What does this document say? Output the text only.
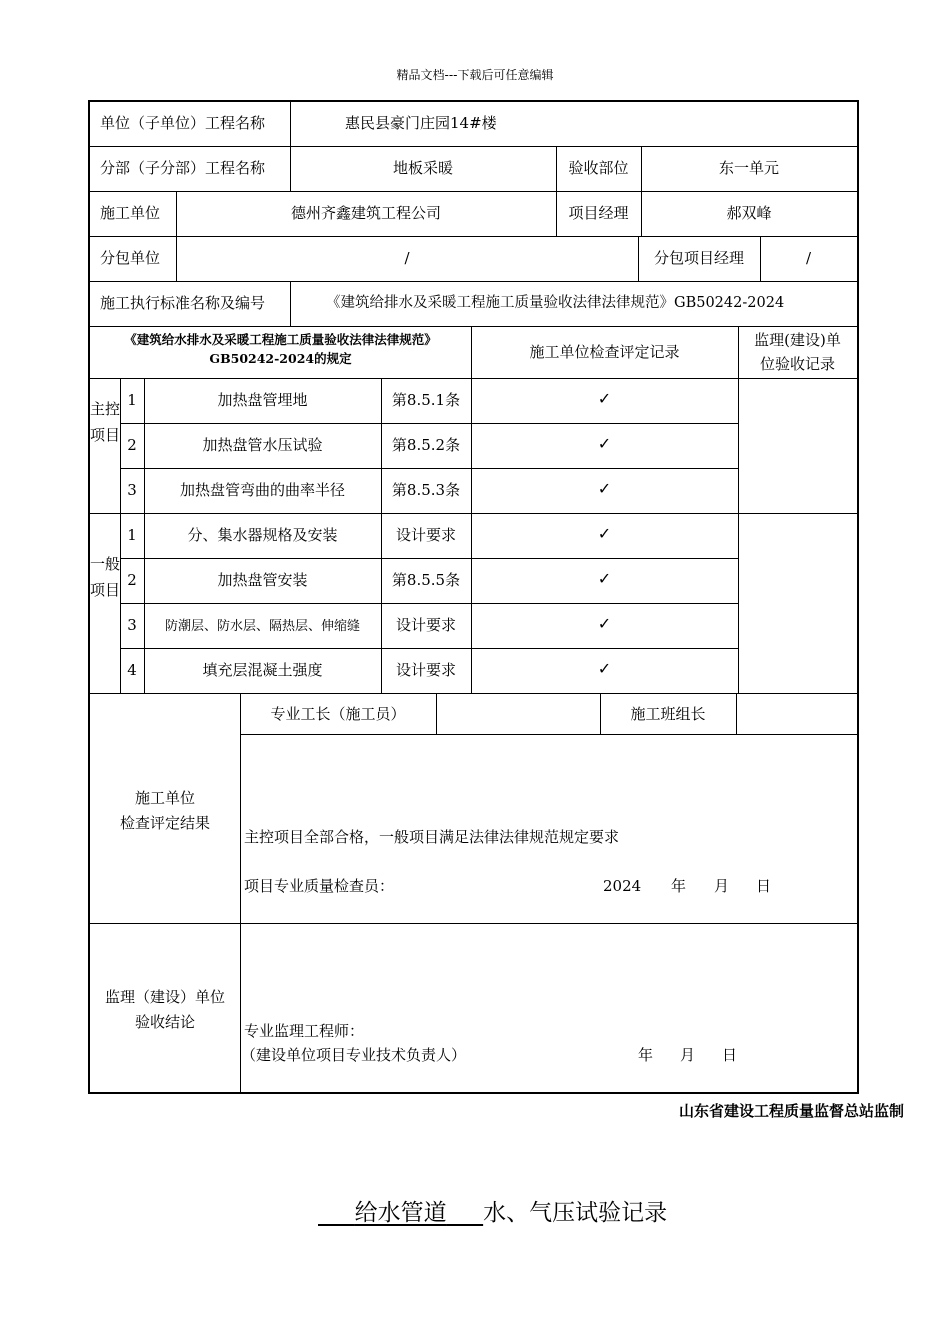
精品文档---下载后可任意编辑
单位（子单位）工程名称	惠民县豪门庄园14#楼
分部（子分部）工程名称	地板采暖	验收部位	东一单元
施工单位	德州齐鑫建筑工程公司	项目经理	郝双峰
分包单位	/	分包项目经理	/
施工执行标准名称及编号	《建筑给排水及采暖工程施工质量验收法律法律规范》GB50242-2024
《建筑给水排水及采暖工程施工质量验收法律法律规范》
GB50242-2024的规定	施工单位检查评定记录
监理(建设)单
位验收记录
主控项目
1	加热盘管埋地	第8.5.1条	✓
2	加热盘管水压试验	第8.5.2条	✓
3	加热盘管弯曲的曲率半径	第8.5.3条	✓
一般项目
1	分、集水器规格及安装	设计要求	✓
2	加热盘管安装	第8.5.5条	✓
3	防潮层、防水层、隔热层、伸缩缝	设计要求	✓
4	填充层混凝土强度	设计要求	✓
专业工长（施工员）	施工班组长
施工单位
检查评定结果
主控项目全部合格，一般项目满足法律法律规范规定要求
项目专业质量检查员：	2024 年 月 日
监理（建设）单位
验收结论	专业监理工程师：
（建设单位项目专业技术负责人）	年 月 日
山东省建设工程质量监督总站监制
给水管道 水、气压试验记录
